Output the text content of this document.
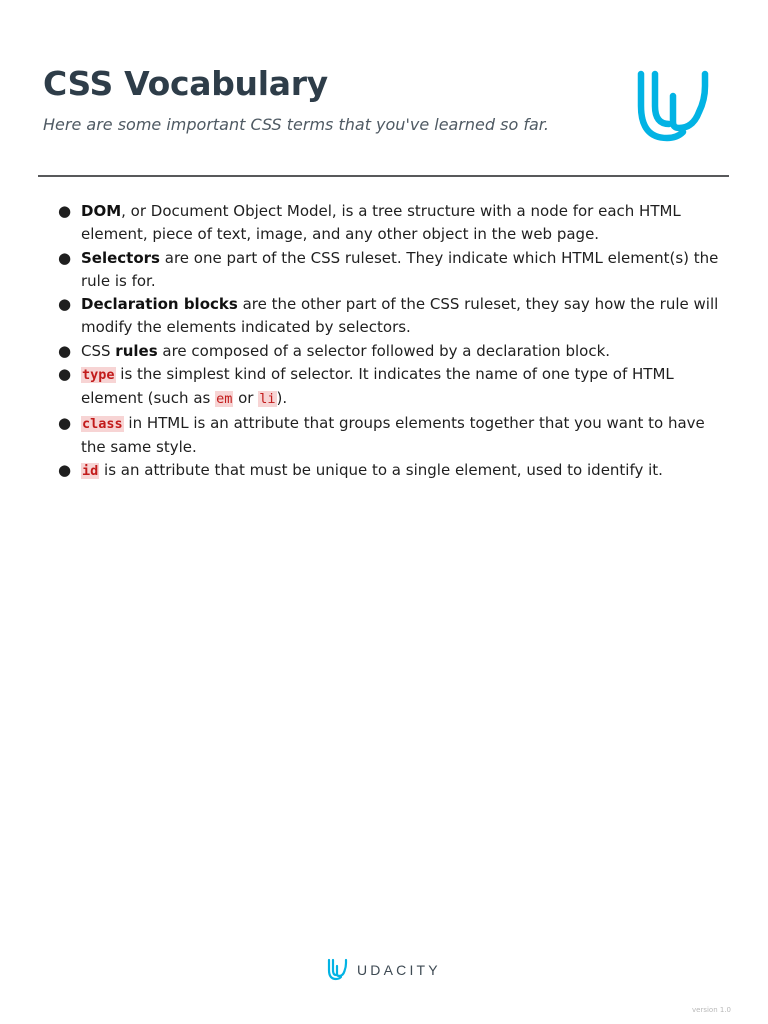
CSS Vocabulary

Here are some important CSS terms that you've learned so far.

● DOM, or Document Object Model, is a tree structure with a node for each HTML element, piece of text, image, and any other object in the web page.
● Selectors are one part of the CSS ruleset. They indicate which HTML element(s) the rule is for.
● Declaration blocks are the other part of the CSS ruleset, they say how the rule will modify the elements indicated by selectors.
● CSS rules are composed of a selector followed by a declaration block.
● type is the simplest kind of selector. It indicates the name of one type of HTML element (such as em or li).
● class in HTML is an attribute that groups elements together that you want to have the same style.
● id is an attribute that must be unique to a single element, used to identify it.
UDACITY
version 1.0
